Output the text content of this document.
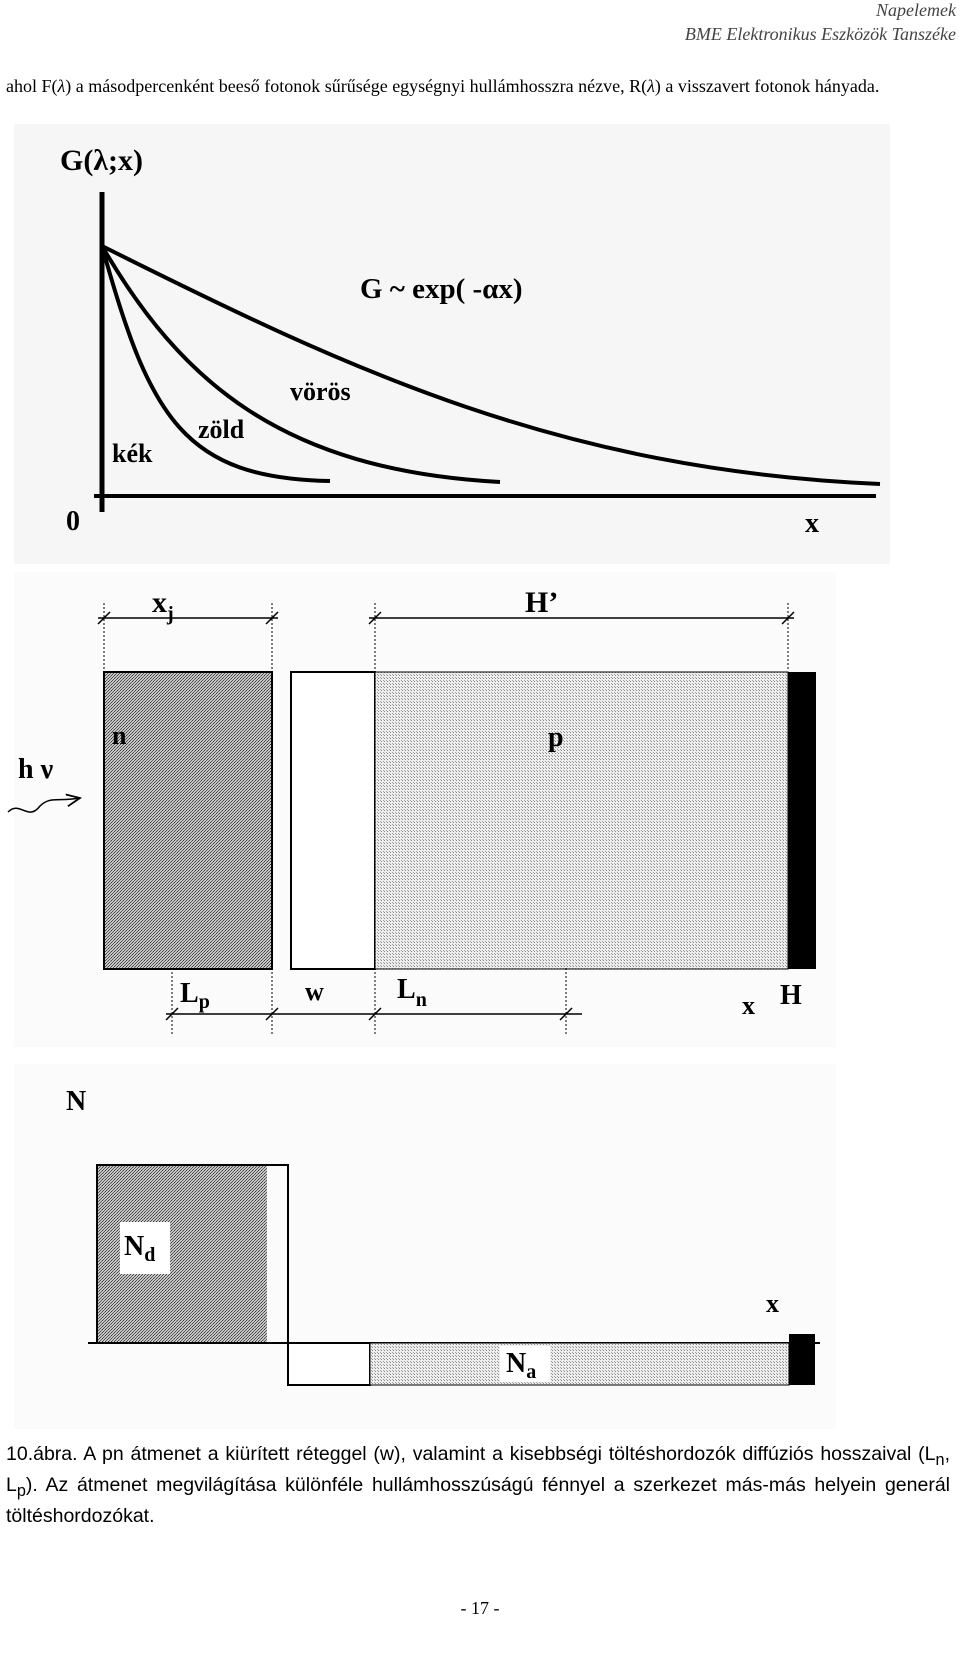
Napelemek
BME Elektronikus Eszközök Tanszéke
ahol F(λ) a másodpercenként beeső fotonok sűrűsége egységnyi hullámhosszra nézve, R(λ) a visszavert fotonok hányada.
G(λ;x)
G ~ exp( -αx)
kék
zöld
vörös
0	x
$x_j$	H’
n	p
h ν
$L_p$	w	$L_n$	x H
N
$N_d$
$N_a$
x
10.ábra. A pn átmenet a kiürített réteggel (w), valamint a kisebbségi töltéshordozók diffúziós hosszaival ($L_n$, $L_p$). Az átmenet megvilágítása különféle hullámhosszúságú fénnyel a szerkezet más-más helyein generál töltéshordozókat.
- 17 -
